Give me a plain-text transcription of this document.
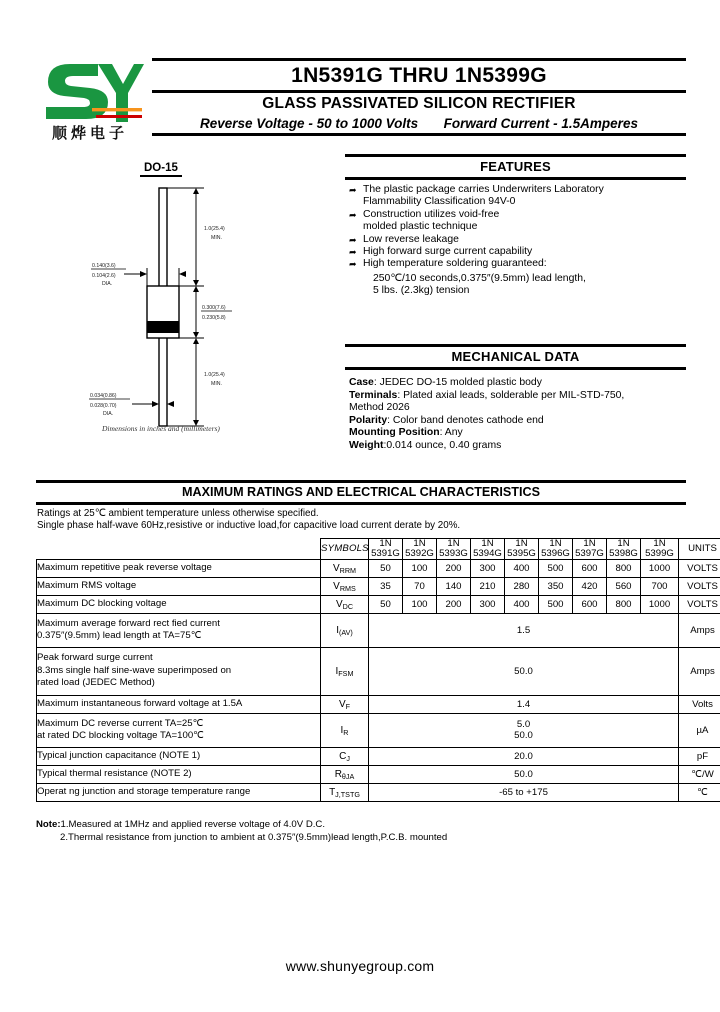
顺烨电子
1N5391G THRU 1N5399G
GLASS PASSIVATED SILICON RECTIFIER
Reverse Voltage - 50 to 1000 Volts Forward Current - 1.5Amperes
DO-15
1.0(25.4)
MIN.
0.300(7.6)
0.230(5.8)
1.0(25.4)
MIN.
0.140(3.6)
0.104(2.6)
DIA.
0.034(0.86)
0.028(0.70)
DIA.
Dimensions in inches and (millimeters)
FEATURES
➦ The plastic package carries Underwriters Laboratory
Flammability Classification 94V-0
➦ Construction utilizes void-free
molded plastic technique
➦ Low reverse leakage
➦ High forward surge current capability
➦ High temperature soldering guaranteed:
250℃/10 seconds,0.375″(9.5mm) lead length,
5 lbs. (2.3kg) tension
MECHANICAL DATA
Case: JEDEC DO-15 molded plastic body
Terminals: Plated axial leads, solderable per MIL-STD-750,
Method 2026
Polarity: Color band denotes cathode end
Mounting Position: Any
Weight:0.014 ounce, 0.40 grams
MAXIMUM RATINGS AND ELECTRICAL CHARACTERISTICS
Ratings at 25℃ ambient temperature unless otherwise specified.
Single phase half-wave 60Hz,resistive or inductive load,for capacitive load current derate by 20%.
	SYMBOLS	1N
5391G	1N
5392G	1N
5393G	1N
5394G	1N
5395G	1N
5396G	1N
5397G	1N
5398G	1N
5399G	UNITS
Maximum repetitive peak reverse voltage	$V_{RRM}$	50	100	200	300	400	500	600	800	1000	VOLTS
Maximum RMS voltage	$V_{RMS}$	35	70	140	210	280	350	420	560	700	VOLTS
Maximum DC blocking voltage	$V_{DC}$	50	100	200	300	400	500	600	800	1000	VOLTS

Maximum average forward rect fied current
0.375″(9.5mm) lead length at TA=75℃	$I_{(AV)}$	1.5									Amps

Peak forward surge current
8.3ms single half sine-wave superimposed on
rated load (JEDEC Method)	$I_{FSM}$	50.0									Amps
Maximum instantaneous forward voltage at 1.5A	$V_F$	1.4									Volts

Maximum DC reverse current TA=25℃
at rated DC blocking voltage TA=100℃	$I_R$	
5.0
50.0	µA
Typical junction capacitance (NOTE 1)	$C_J$	20.0									pF
Typical thermal resistance (NOTE 2)	$R_{\theta JA}$	50.0									℃/W
Operat ng junction and storage temperature range	$T_{J,TSTG}$	-65 to +175									℃
Note:1.Measured at 1MHz and applied reverse voltage of 4.0V D.C.
2.Thermal resistance from junction to ambient at 0.375″(9.5mm)lead length,P.C.B. mounted
www.shunyegroup.com
